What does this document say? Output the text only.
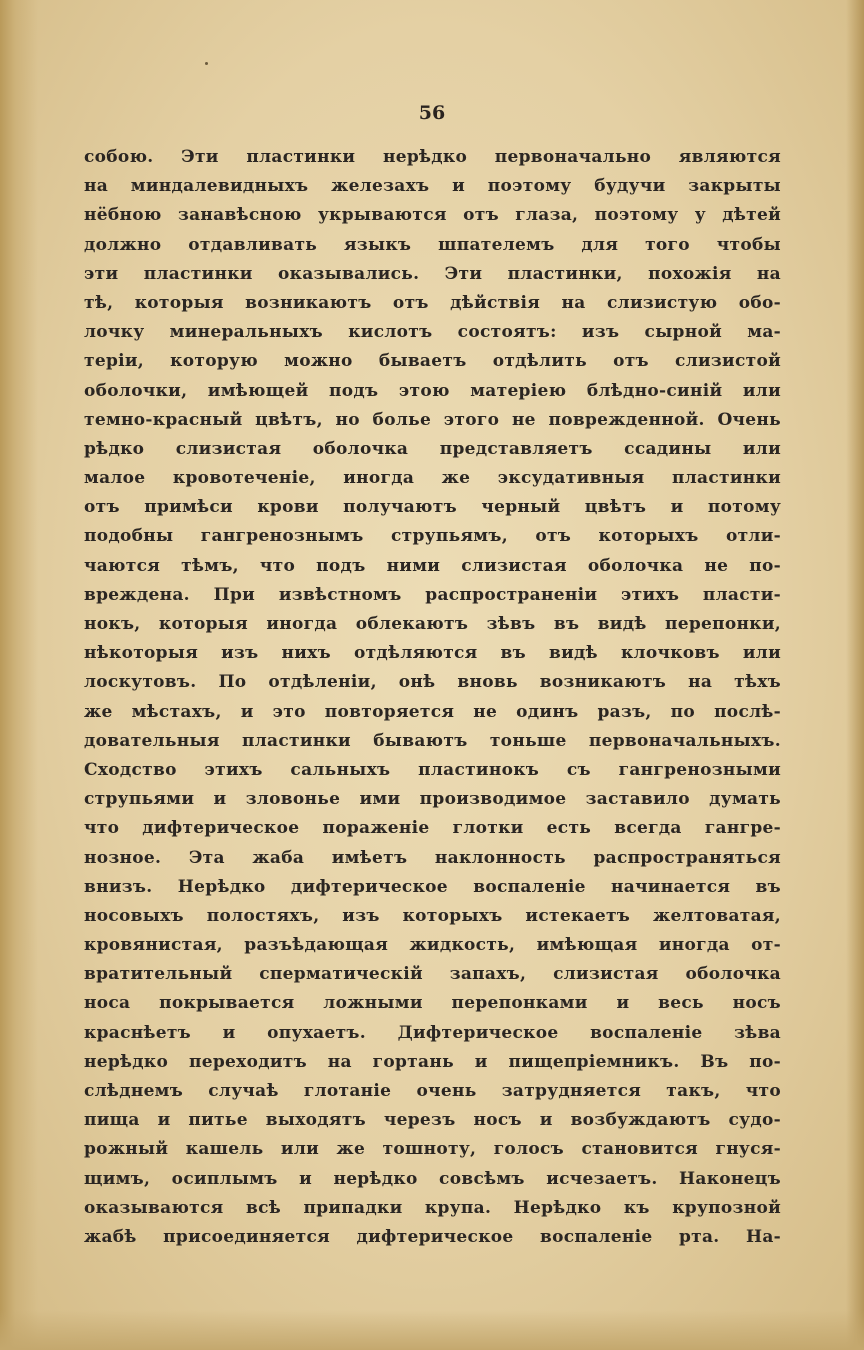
56

собою. Эти пластинки нерѣдко первоначально являются
на миндалевидныхъ железахъ и поэтому будучи закрыты
нёбною занавѣсною укрываются отъ глаза, поэтому у дѣтей
должно отдавливать языкъ шпателемъ для того чтобы
эти пластинки оказывались. Эти пластинки, похожія на
тѣ, которыя возникаютъ отъ дѣйствія на слизистую обо-
лочку минеральныхъ кислотъ состоятъ: изъ сырной ма-
теріи, которую можно бываетъ отдѣлить отъ слизистой
оболочки, имѣющей подъ этою матеріею блѣдно-синій или
темно-красный цвѣтъ, но болье этого не поврежденной. Очень
рѣдко слизистая оболочка представляетъ ссадины или
малое кровотеченіе, иногда же эксудативныя пластинки
отъ примѣси крови получаютъ черный цвѣтъ и потому
подобны гангренознымъ струпьямъ, отъ которыхъ отли-
чаются тѣмъ, что подъ ними слизистая оболочка не по-
вреждена. При извѣстномъ распространеніи этихъ пласти-
нокъ, которыя иногда облекаютъ зѣвъ въ видѣ перепонки,
нѣкоторыя изъ нихъ отдѣляются въ видѣ клочковъ или
лоскутовъ. По отдѣленіи, онѣ вновь возникаютъ на тѣхъ
же мѣстахъ, и это повторяется не одинъ разъ, по послѣ-
довательныя пластинки бываютъ тоньше первоначальныхъ.
Сходство этихъ сальныхъ пластинокъ съ гангренозными
струпьями и зловонье ими производимое заставило думать
что дифтерическое пораженіе глотки есть всегда гангре-
нозное. Эта жаба имѣетъ наклонность распространяться
внизъ. Нерѣдко дифтерическое воспаленіе начинается въ
носовыхъ полостяхъ, изъ которыхъ истекаетъ желтоватая,
кровянистая, разъѣдающая жидкость, имѣющая иногда от-
вратительный сперматическій запахъ, слизистая оболочка
носа покрывается ложными перепонками и весь носъ
краснѣетъ и опухаетъ. Дифтерическое воспаленіе зѣва
нерѣдко переходитъ на гортань и пищепріемникъ. Въ по-
слѣднемъ случаѣ глотаніе очень затрудняется такъ, что
пища и питье выходятъ черезъ носъ и возбуждаютъ судо-
рожный кашель или же тошноту, голосъ становится гнуся-
щимъ, осиплымъ и нерѣдко совсѣмъ исчезаетъ. Наконецъ
оказываются всѣ припадки крупа. Нерѣдко къ крупозной
жабѣ присоединяется дифтерическое воспаленіе рта. На-
